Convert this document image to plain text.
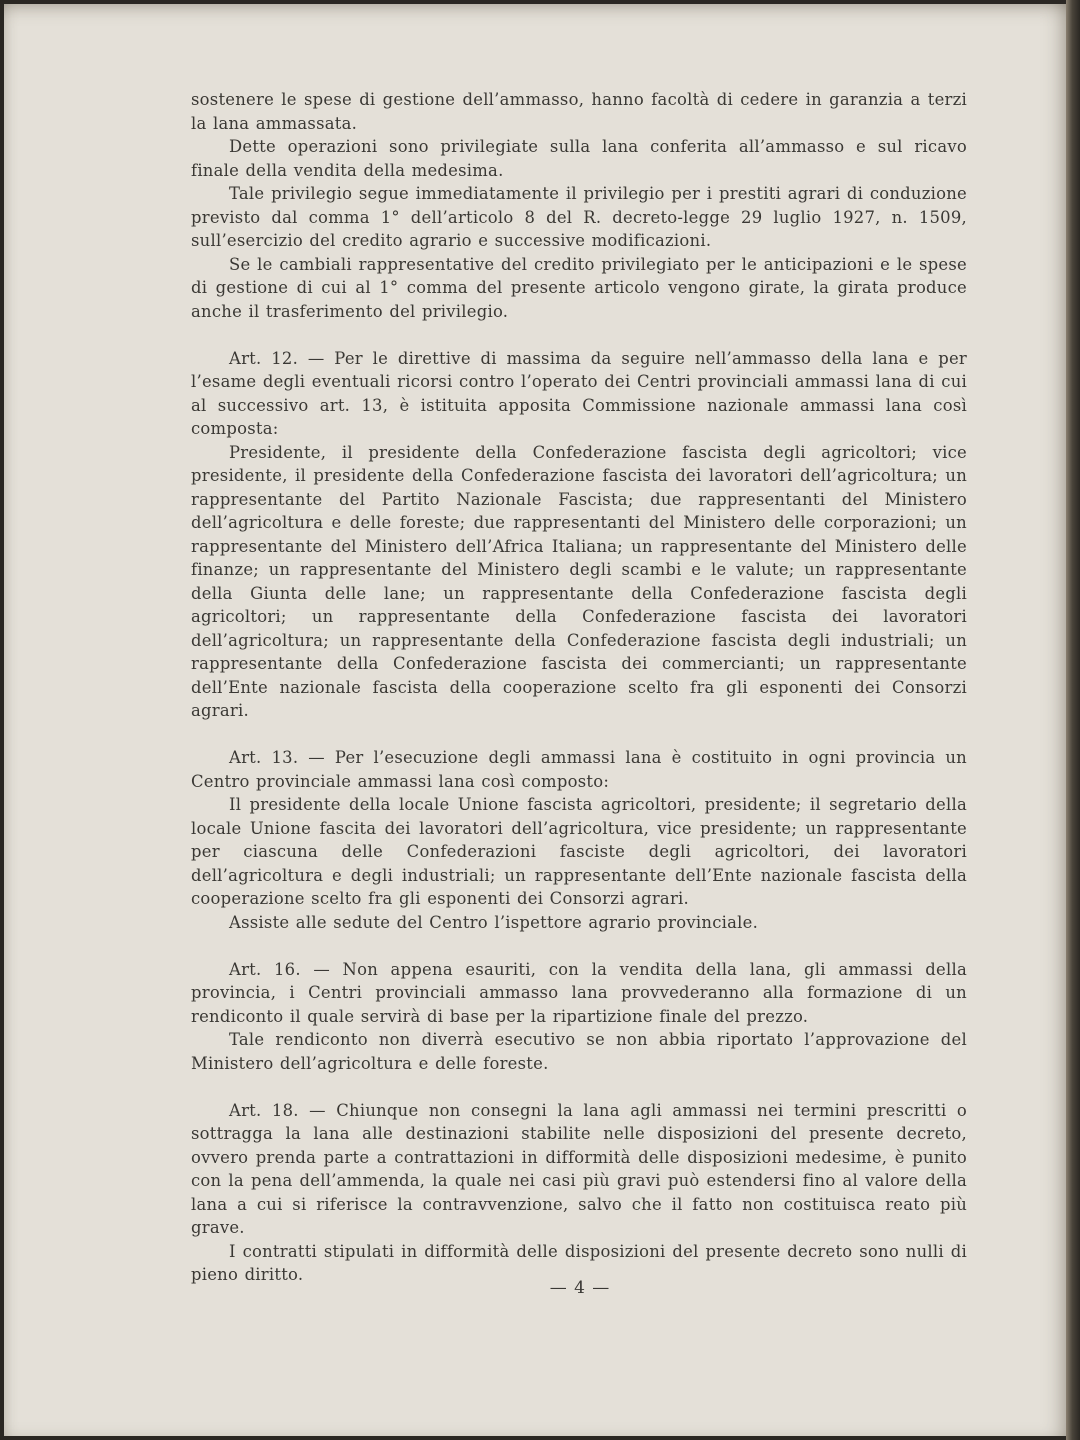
sostenere le spese di gestione dell’ammasso, hanno facoltà di cedere in garanzia a terzi la lana ammassata.

Dette operazioni sono privilegiate sulla lana conferita all’ammasso e sul ricavo finale della vendita della medesima.

Tale privilegio segue immediatamente il privilegio per i prestiti agrari di conduzione previsto dal comma 1° dell’articolo 8 del R. decreto-legge 29 luglio 1927, n. 1509, sull’esercizio del credito agrario e successive modificazioni.

Se le cambiali rappresentative del credito privilegiato per le anticipazioni e le spese di gestione di cui al 1° comma del presente articolo vengono girate, la girata produce anche il trasferimento del privilegio.

Art. 12. — Per le direttive di massima da seguire nell’ammasso della lana e per l’esame degli eventuali ricorsi contro l’operato dei Centri provinciali ammassi lana di cui al successivo art. 13, è istituita apposita Commissione nazionale ammassi lana così composta:

Presidente, il presidente della Confederazione fascista degli agricoltori; vice presidente, il presidente della Confederazione fascista dei lavoratori dell’agricoltura; un rappresentante del Partito Nazionale Fascista; due rappresentanti del Ministero dell’agricoltura e delle foreste; due rappresentanti del Ministero delle corporazioni; un rappresentante del Ministero dell’Africa Italiana; un rappresentante del Ministero delle finanze; un rappresentante del Ministero degli scambi e le valute; un rappresentante della Giunta delle lane; un rappresentante della Confederazione fascista degli agricoltori; un rappresentante della Confederazione fascista dei lavoratori dell’agricoltura; un rappresentante della Confederazione fascista degli industriali; un rappresentante della Confederazione fascista dei commercianti; un rappresentante dell’Ente nazionale fascista della cooperazione scelto fra gli esponenti dei Consorzi agrari.

Art. 13. — Per l’esecuzione degli ammassi lana è costituito in ogni provincia un Centro provinciale ammassi lana così composto:

Il presidente della locale Unione fascista agricoltori, presidente; il segretario della locale Unione fascita dei lavoratori dell’agricoltura, vice presidente; un rappresentante per ciascuna delle Confederazioni fasciste degli agricoltori, dei lavoratori dell’agricoltura e degli industriali; un rappresentante dell’Ente nazionale fascista della cooperazione scelto fra gli esponenti dei Consorzi agrari.

Assiste alle sedute del Centro l’ispettore agrario provinciale.

Art. 16. — Non appena esauriti, con la vendita della lana, gli ammassi della provincia, i Centri provinciali ammasso lana provvederanno alla formazione di un rendiconto il quale servirà di base per la ripartizione finale del prezzo.

Tale rendiconto non diverrà esecutivo se non abbia riportato l’approvazione del Ministero dell’agricoltura e delle foreste.

Art. 18. — Chiunque non consegni la lana agli ammassi nei termini prescritti o sottragga la lana alle destinazioni stabilite nelle disposizioni del presente decreto, ovvero prenda parte a contrattazioni in difformità delle disposizioni medesime, è punito con la pena dell’ammenda, la quale nei casi più gravi può estendersi fino al valore della lana a cui si riferisce la contravvenzione, salvo che il fatto non costituisca reato più grave.

I contratti stipulati in difformità delle disposizioni del presente decreto sono nulli di pieno diritto.

— 4 —
